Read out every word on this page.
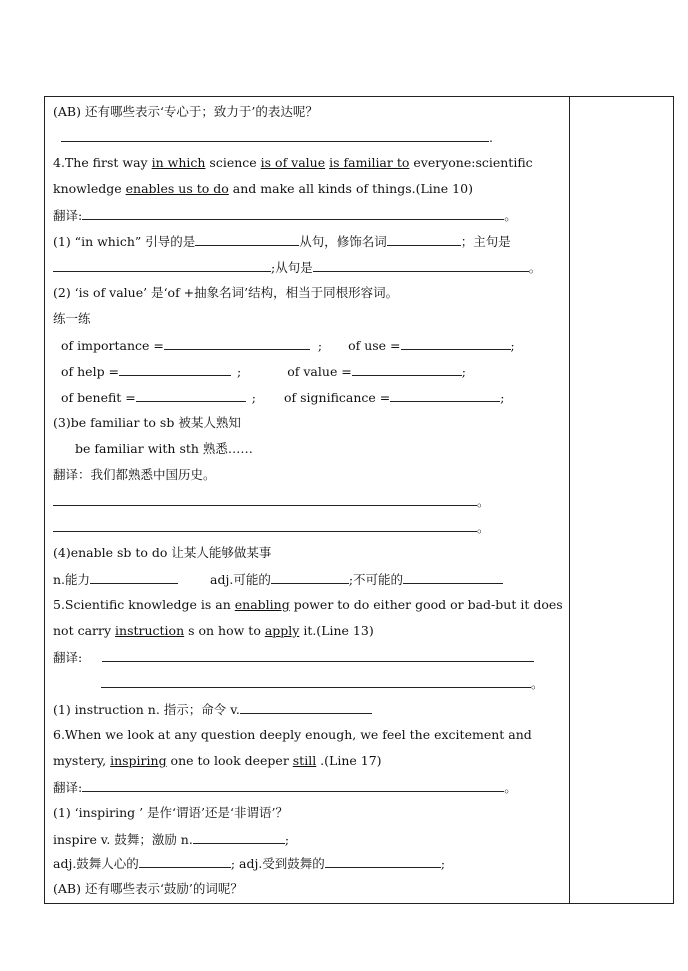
(AB) 还有哪些表示‘专心于；致力于’的表达呢？
.
4.The first way in which science is of value is familiar to everyone:scientific
knowledge enables us to do and make all kinds of things.(Line 10)
翻译:	。
(1) “in which” 引导的是	从句，修饰名词	；主句是
;从句是	。
(2) ‘is of value’ 是‘of +抽象名词’结构，相当于同根形容词。
练一练
of importance =	; of use =	;
of help =	;	of value =	;
of benefit =	; of significance =	;
(3)be familiar to sb 被某人熟知
be familiar with sth 熟悉……
翻译：我们都熟悉中国历史。
。
。
(4)enable sb to do 让某人能够做某事
n.能力	adj.可能的	;不可能的
5.Scientific knowledge is an enabling power to do either good or bad-but it does
not carry instruction s on how to apply it.(Line 13)
翻译:
。
(1) instruction n. 指示；命令 v.
6.When we look at any question deeply enough, we feel the excitement and
mystery, inspiring one to look deeper still .(Line 17)
翻译:	。
(1) ‘inspiring ’ 是作‘谓语’还是‘非谓语’？
inspire v. 鼓舞；激励 n.	;
adj.鼓舞人心的	; adj.受到鼓舞的	;
(AB) 还有哪些表示‘鼓励’的词呢？
